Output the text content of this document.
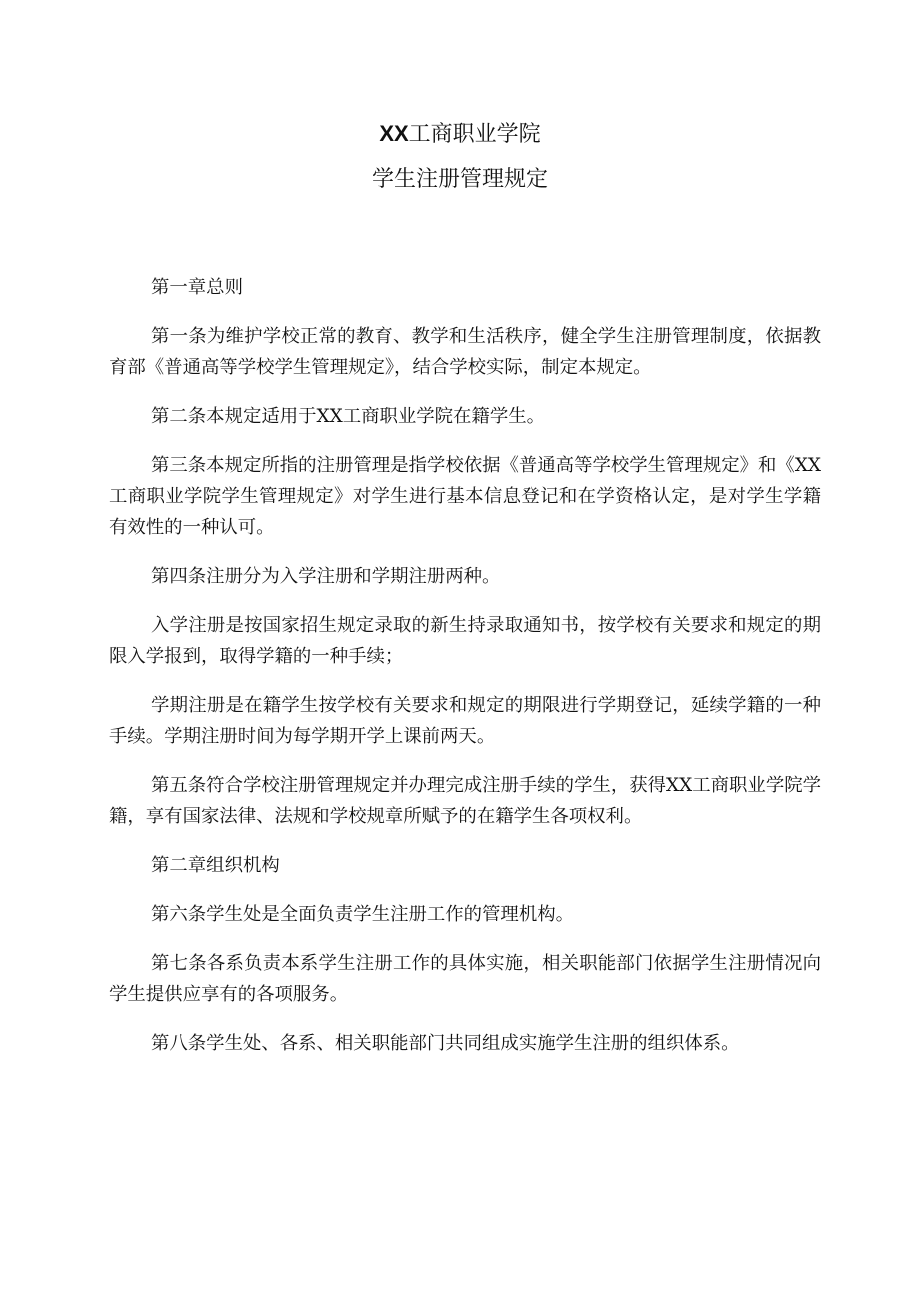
XX工商职业学院

学生注册管理规定

第一章总则

第一条为维护学校正常的教育、教学和生活秩序，健全学生注册管理制度，依据教育部《普通高等学校学生管理规定》，结合学校实际，制定本规定。

第二条本规定适用于XX工商职业学院在籍学生。

第三条本规定所指的注册管理是指学校依据《普通高等学校学生管理规定》和《XX工商职业学院学生管理规定》对学生进行基本信息登记和在学资格认定，是对学生学籍有效性的一种认可。

第四条注册分为入学注册和学期注册两种。

入学注册是按国家招生规定录取的新生持录取通知书，按学校有关要求和规定的期限入学报到，取得学籍的一种手续；

学期注册是在籍学生按学校有关要求和规定的期限进行学期登记，延续学籍的一种手续。学期注册时间为每学期开学上课前两天。

第五条符合学校注册管理规定并办理完成注册手续的学生，获得XX工商职业学院学籍，享有国家法律、法规和学校规章所赋予的在籍学生各项权利。

第二章组织机构

第六条学生处是全面负责学生注册工作的管理机构。

第七条各系负责本系学生注册工作的具体实施，相关职能部门依据学生注册情况向学生提供应享有的各项服务。

第八条学生处、各系、相关职能部门共同组成实施学生注册的组织体系。
